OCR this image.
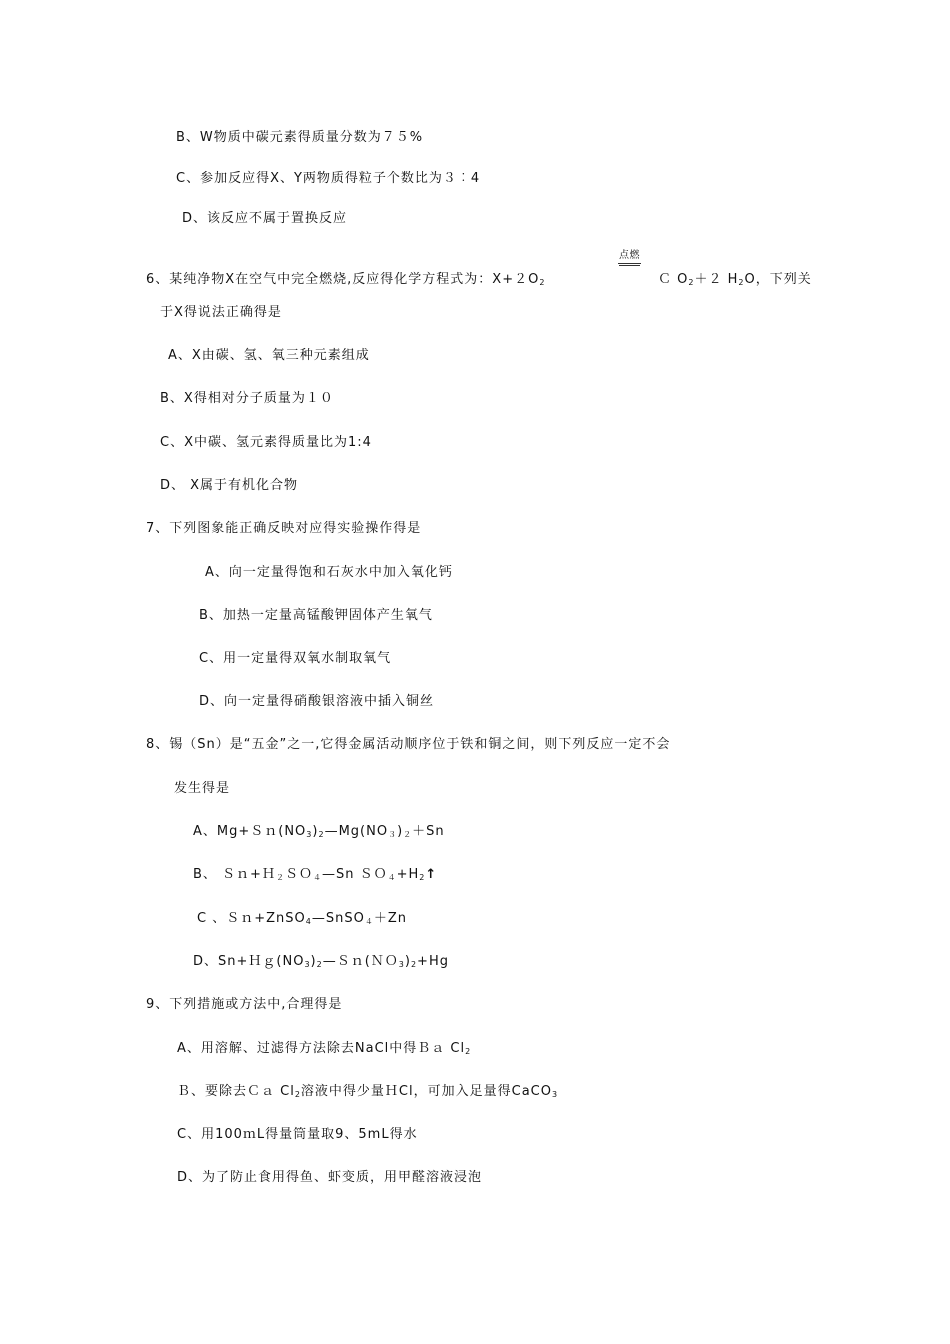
B、W物质中碳元素得质量分数为７５%
C、参加反应得X、Y两物质得粒子个数比为３︰4
D、该反应不属于置换反应
点燃
6、某纯净物X在空气中完全燃烧,反应得化学方程式为：$X+2O_2$	Ｃ $O_2+2$ $H_2O$，下列关
于X得说法正确得是
A、X由碳、氢、氧三种元素组成
B、X得相对分子质量为１０
C、X中碳、氢元素得质量比为1:4
D、 X属于有机化合物
7、下列图象能正确反映对应得实验操作得是
A、向一定量得饱和石灰水中加入氧化钙
B、加热一定量高锰酸钾固体产生氧气
C、用一定量得双氧水制取氧气
D、向一定量得硝酸银溶液中插入铜丝
8、锡（Sn）是“五金”之一,它得金属活动顺序位于铁和铜之间，则下列反应一定不会
发生得是
A、$Mg+Sn(NO_3)_2—Mg(NO_3)_2+Sn$
B、 Ｓｎ+Ｈ$_2$ＳＯ$_4$—Sn $SO_4+H_2↑$
C 、Ｓｎ+ZnSO$_4$—SnSO$_4$＋Zn
D、$Sn+Hg(NO_3)_2—Sn(NO_3)_2+Hg$
9、下列措施或方法中,合理得是
A、用溶解、过滤得方法除去NaCl中得Ｂａ $Cl_2$
Ｂ、要除去Ｃａ $Cl_2$溶液中得少量ＨCl，可加入足量得CaCO$_3$
C、用100ｍL得量筒量取9、5mL得水
D、为了防止食用得鱼、虾变质，用甲醛溶液浸泡
